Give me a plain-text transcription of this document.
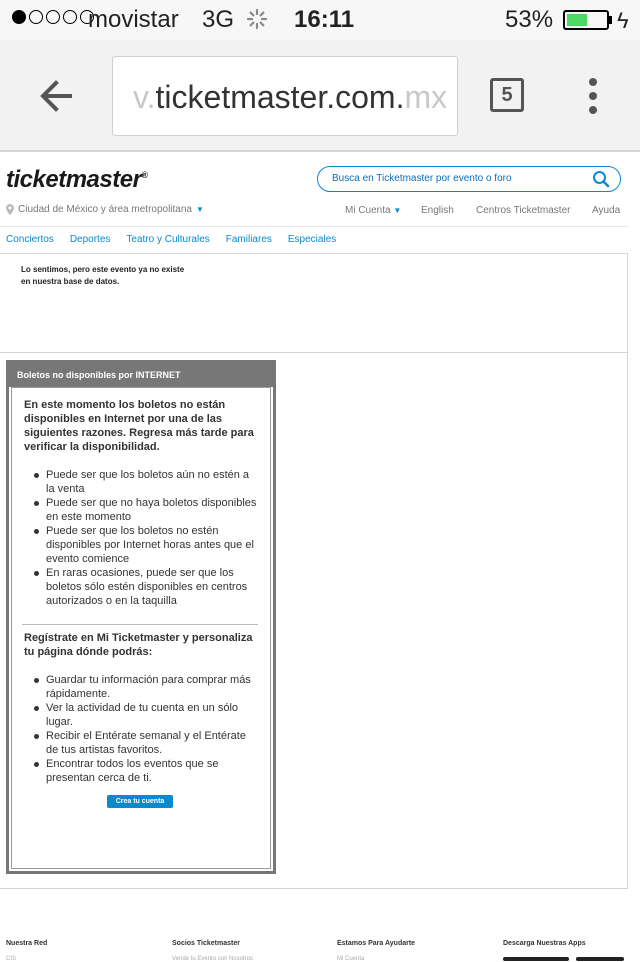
movistar 3G 16:11	53%	ϟ
v.ticketmaster.com.mx	5
ticketmaster®	Busca en Ticketmaster por evento o foro
Ciudad de México y área metropolitana ▼	Mi Cuenta ▼ English Centros Ticketmaster Ayuda
Conciertos Deportes Teatro y Culturales Familiares Especiales
Lo sentimos, pero este evento ya no existe
en nuestra base de datos.
Boletos no disponibles por INTERNET
En este momento los boletos no están disponibles en Internet por una de las siguientes razones. Regresa más tarde para verificar la disponibilidad.
Puede ser que los boletos aún no estén a la venta
Puede ser que no haya boletos disponibles en este momento
Puede ser que los boletos no estén disponibles por Internet horas antes que el evento comience
En raras ocasiones, puede ser que los boletos sólo estén disponibles en centros autorizados o en la taquilla
Regístrate en Mi Ticketmaster y personaliza tu página dónde podrás:
Guardar tu información para comprar más rápidamente.
Ver la actividad de tu cuenta en un sólo lugar.
Recibir el Entérate semanal y el Entérate de tus artistas favoritos.
Encontrar todos los eventos que se presentan cerca de ti.
Crea tu cuenta
Nuestra Red	Socios Ticketmaster	Estamos Para Ayudarte	Descarga Nuestras Apps
CIS	Vende tu Evento con Nosotros	Mi Cuenta
